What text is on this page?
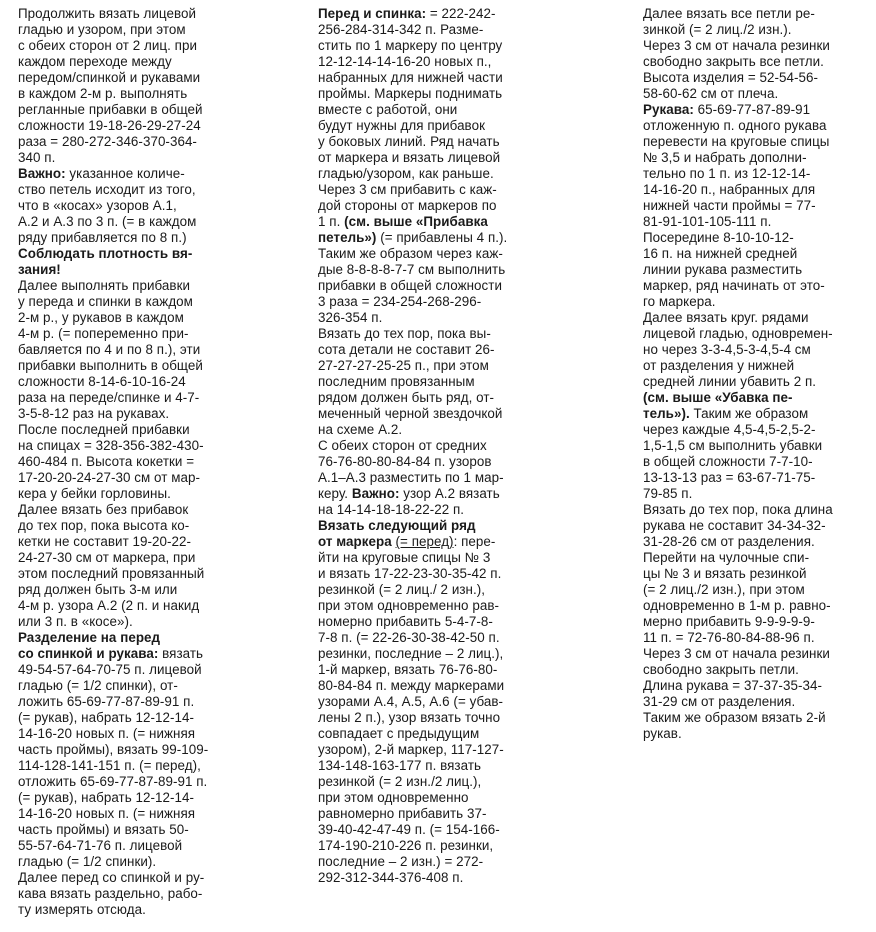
Продолжить вязать лицевой

гладью и узором, при этом

с обеих сторон от 2 лиц. при

каждом переходе между

передом/спинкой и рукавами

в каждом 2-м р. выполнять

регланные прибавки в общей

сложности 19-18-26-29-27-24

раза = 280-272-346-370-364-

340 п.

Важно: указанное количе-

ство петель исходит из того,

что в «косах» узоров А.1,

А.2 и А.3 по 3 п. (= в каждом

ряду прибавляется по 8 п.)

Соблюдать плотность вя-

зания!

Далее выполнять прибавки

у переда и спинки в каждом

2-м р., у рукавов в каждом

4-м р. (= попеременно при-

бавляется по 4 и по 8 п.), эти

прибавки выполнить в общей

сложности 8-14-6-10-16-24

раза на переде/спинке и 4-7-

3-5-8-12 раз на рукавах.

После последней прибавки

на спицах = 328-356-382-430-

460-484 п. Высота кокетки =

17-20-20-24-27-30 см от мар-

кера у бейки горловины.

Далее вязать без прибавок

до тех пор, пока высота ко-

кетки не составит 19-20-22-

24-27-30 см от маркера, при

этом последний провязанный

ряд должен быть 3-м или

4-м р. узора А.2 (2 п. и накид

или 3 п. в «косе»).

Разделение на перед

со спинкой и рукава: вязать

49-54-57-64-70-75 п. лицевой

гладью (= 1/2 спинки), от-

ложить 65-69-77-87-89-91 п.

(= рукав), набрать 12-12-14-

14-16-20 новых п. (= нижняя

часть проймы), вязать 99-109-

114-128-141-151 п. (= перед),

отложить 65-69-77-87-89-91 п.

(= рукав), набрать 12-12-14-

14-16-20 новых п. (= нижняя

часть проймы) и вязать 50-

55-57-64-71-76 п. лицевой

гладью (= 1/2 спинки).

Далее перед со спинкой и ру-

кава вязать раздельно, рабо-

ту измерять отсюда.

Перед и спинка: = 222-242-

256-284-314-342 п. Размe-

стить по 1 маркеру по центру

12-12-14-14-16-20 новых п.,

набранных для нижней части

проймы. Маркеры поднимать

вместе с работой, они

будут нужны для прибавок

у боковых линий. Ряд начать

от маркера и вязать лицевой

гладью/узором, как раньше.

Через 3 см прибавить с каж-

дой стороны от маркеров по

1 п. (см. выше «Прибавка

петель») (= прибавлены 4 п.).

Таким же образом через каж-

дые 8-8-8-8-7-7 см выполнить

прибавки в общей сложности

3 раза = 234-254-268-296-

326-354 п.

Вязать до тех пор, пока вы-

сота детали не составит 26-

27-27-27-25-25 п., при этом

последним провязанным

рядом должен быть ряд, от-

меченный черной звездочкой

на схеме А.2.

С обеих сторон от средних

76-76-80-80-84-84 п. узоров

А.1–А.3 разместить по 1 мар-

керу. Важно: узор А.2 вязать

на 14-14-18-18-22-22 п.

Вязать следующий ряд

от маркера (= перед): пере-

йти на круговые спицы № 3

и вязать 17-22-23-30-35-42 п.

резинкой (= 2 лиц./ 2 изн.),

при этом одновременно рав-

номерно прибавить 5-4-7-8-

7-8 п. (= 22-26-30-38-42-50 п.

резинки, последние – 2 лиц.),

1-й маркер, вязать 76-76-80-

80-84-84 п. между маркерами

узорами А.4, А.5, А.6 (= убав-

лены 2 п.), узор вязать точно

совпадает с предыдущим

узором), 2-й маркер, 117-127-

134-148-163-177 п. вязать

резинкой (= 2 изн./2 лиц.),

при этом одновременно

равномерно прибавить 37-

39-40-42-47-49 п. (= 154-166-

174-190-210-226 п. резинки,

последние – 2 изн.) = 272-

292-312-344-376-408 п.

Далее вязать все петли ре-

зинкой (= 2 лиц./2 изн.).

Через 3 см от начала резинки

свободно закрыть все петли.

Высота изделия = 52-54-56-

58-60-62 см от плеча.

Рукава: 65-69-77-87-89-91

отложенную п. одного рукава

перевести на круговые спицы

№ 3,5 и набрать дополни-

тельно по 1 п. из 12-12-14-

14-16-20 п., набранных для

нижней части проймы = 77-

81-91-101-105-111 п.

Посередине 8-10-10-12-

16 п. на нижней средней

линии рукава разместить

маркер, ряд начинать от это-

го маркера.

Далее вязать круг. рядами

лицевой гладью, одновремен-

но через 3-3-4,5-3-4,5-4 см

от разделения у нижней

средней линии убавить 2 п.

(см. выше «Убавка пе-

тель»). Таким же образом

через каждые 4,5-4,5-2,5-2-

1,5-1,5 см выполнить убавки

в общей сложности 7-7-10-

13-13-13 раз = 63-67-71-75-

79-85 п.

Вязать до тех пор, пока длина

рукава не составит 34-34-32-

31-28-26 см от разделения.

Перейти на чулочные спи-

цы № 3 и вязать резинкой

(= 2 лиц./2 изн.), при этом

одновременно в 1-м р. равно-

мерно прибавить 9-9-9-9-9-

11 п. = 72-76-80-84-88-96 п.

Через 3 см от начала резинки

свободно закрыть петли.

Длина рукава = 37-37-35-34-

31-29 см от разделения.

Таким же образом вязать 2-й

рукав.
